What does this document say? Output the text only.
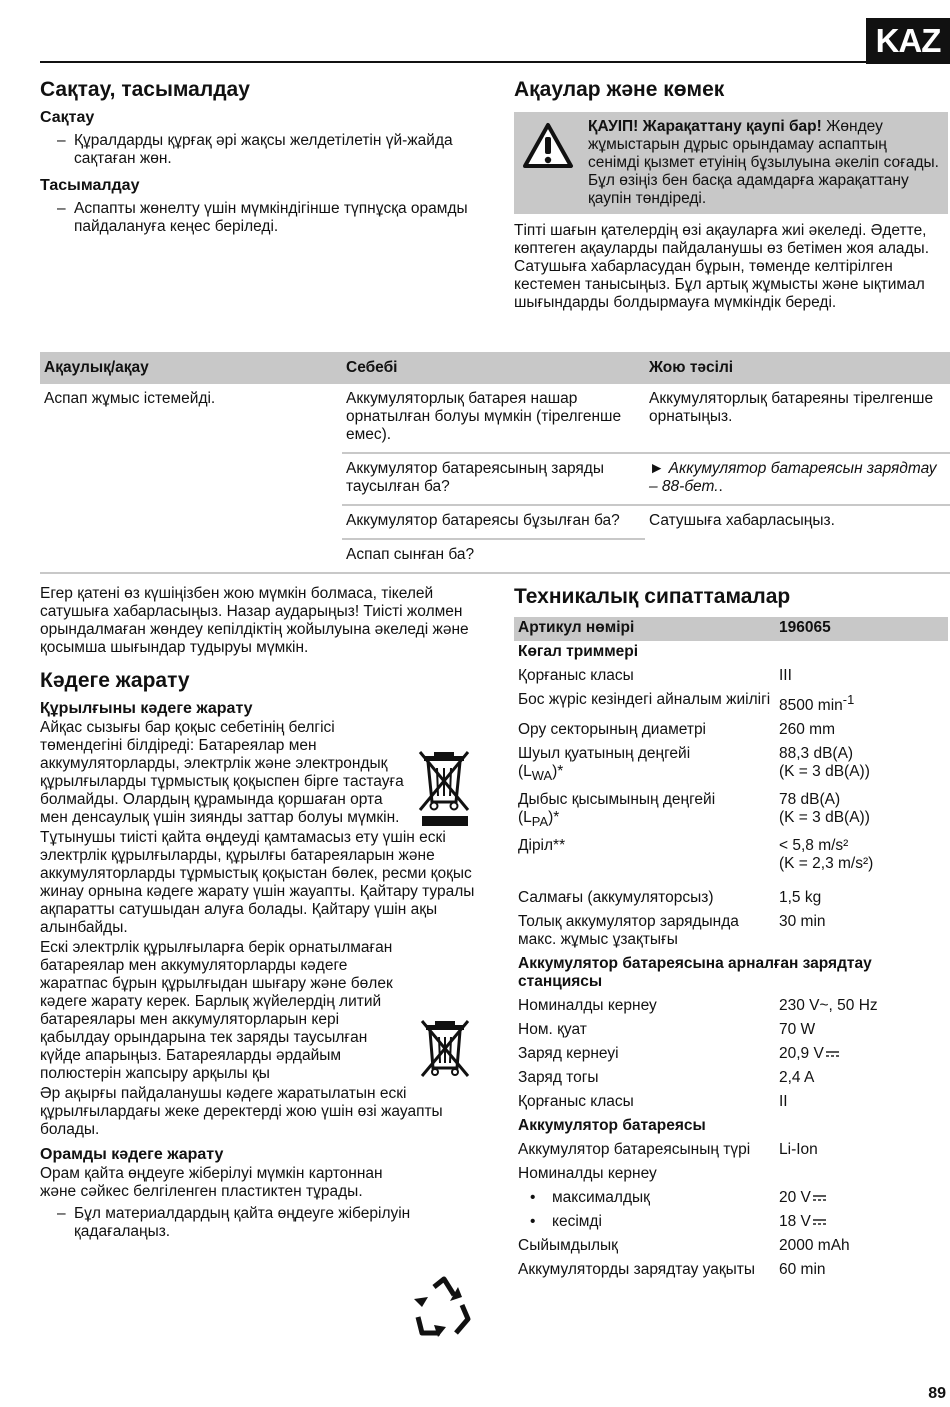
KAZ
Сақтау, тасымалдау
Сақтау

– Құралдарды құрғақ әрі жақсы желдетілетін үй-жайда сақтаған жөн.

Тасымалдау

– Аспапты жөнелту үшін мүмкіндігінше түпнұсқа орамды пайдалануға кеңес беріледі.

Ақаулар және көмек

ҚАУІП! Жарақаттану қаупі бар! Жөндеу жұмыстарын дұрыс орындамау аспаптың сенімді қызмет етуінің бұзылуына әкеліп соғады. Бұл өзіңіз бен басқа адамдарға жарақаттану қаупін төндіреді.

Тіпті шағын қателердің өзі ақауларға жиі әкеледі. Әдетте, көптеген ақауларды пайдаланушы өз бетімен жоя алады. Сатушыға хабарласудан бұрын, төменде келтірілген кестемен танысыңыз. Бұл артық жұмысты және ықтимал шығындарды болдырмауға мүмкіндік береді.

Ақаулық/ақау	Себебі	Жою тәсілі
Аспап жұмыс істемейді.	Аккумуляторлық батарея нашар орнатылған болуы мүмкін (тірелгенше емес).	Аккумуляторлық батареяны тірелгенше орнатыңыз.
	Аккумулятор батареясының заряды таусылған ба?	► Аккумулятор батареясын зарядтау – 88-бет..
	Аккумулятор батареясы бұзылған ба?	Сатушыға хабарласыңыз.
	Аспап сынған ба?	

Егер қатені өз күшіңізбен жою мүмкін болмаса, тікелей сатушыға хабарласыңыз. Назар аударыңыз! Тиісті жолмен орындалмаған жөндеу кепілдіктің жойылуына әкеледі және қосымша шығындар тудыруы мүмкін.

Кәдеге жарату
Құрылғыны кәдеге жарату

Айқас сызығы бар қоқыс себетінің белгісі төмендегіні білдіреді: Батареялар мен аккумуляторларды, электрлік және электрондық құрылғыларды тұрмыстық қоқыспен бірге тастауға болмайды. Олардың құрамында қоршаған орта мен денсаулық үшін зиянды заттар болуы мүмкін.

Тұтынушы тиісті қайта өңдеуді қамтамасыз ету үшін ескі электрлік құрылғыларды, құрылғы батареяларын және аккумуляторларды тұрмыстық қоқыстан бөлек, ресми қоқыс жинау орнына кәдеге жарату үшін жауапты. Қайтару туралы ақпаратты сатушыдан алуға болады. Қайтару үшін ақы алынбайды.

Ескі электрлік құрылғыларға берік орнатылмаған батареялар мен аккумуляторларды кәдеге жаратпас бұрын құрылғыдан шығару және бөлек кәдеге жарату керек. Барлық жүйелердің литий батареялары мен аккумуляторларын кері қабылдау орындарына тек заряды таусылған күйде апарыңыз. Батареяларды әрдайым полюстерін жапсыру арқылы қы

Әр ақырғы пайдаланушы кәдеге жаратылатын ескі құрылғылардағы жеке деректерді жою үшін өзі жауапты болады.

Орамды кәдеге жарату

Орам қайта өңдеуге жіберілуі мүмкін картоннан және сәйкес белгіленген пластиктен тұрады.

– Бұл материалдардың қайта өңдеуге жіберілуін қадағалаңыз.

Техникалық сипаттамалар
Артикул нөмірі	196065
Көгал триммері	
Қорғаныс класы	III
Бос жүріс кезіндегі айналым жиілігі	8500 $\min^{-1}$
Ору секторының диаметрі	260 mm
Шуыл қуатының деңгейі
$(L_{WA})*$	88,3 dB(A)
(K = 3 dB(A))
Дыбыс қысымының деңгейі
$(L_{PA})*$	78 dB(A)
(K = 3 dB(A))
Діріл**	< 5,8 m/s²
(K = 2,3 m/s²)
Салмағы (аккумуляторсыз)	1,5 kg
Толық аккумулятор зарядында макс. жұмыс ұзақтығы	30 min
Аккумулятор батареясына арналған зарядтау станциясы	
Номиналды кернеу	230 V~, 50 Hz
Ном. қуат	70 W
Заряд кернеуі	20,9 V
Заряд тогы	2,4 A
Қорғаныс класы	II
Аккумулятор батареясы	
Аккумулятор батареясының түрі	Li-Ion
Номиналды кернеу	

• максималдық	20 V

• кесімді	18 V
Сыйымдылық	2000 mAh
Аккумуляторды зарядтау уақыты	60 min
89
